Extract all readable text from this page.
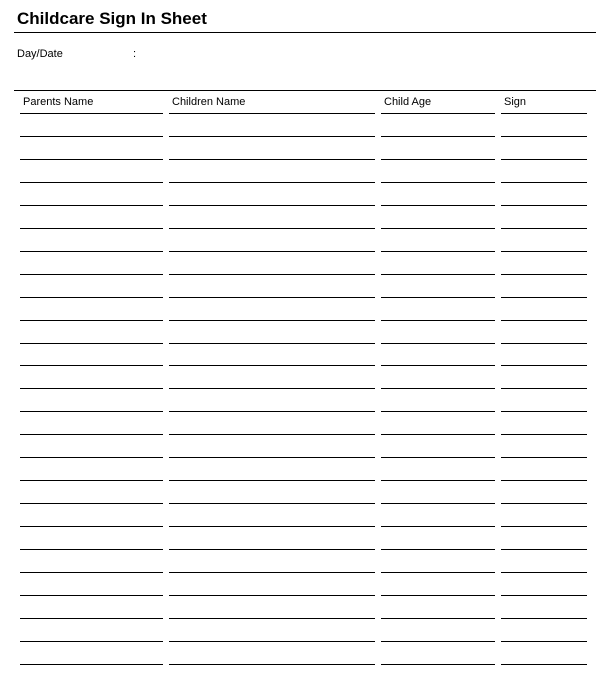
Childcare Sign In Sheet
Day/Date	:
Parents Name	Children Name	Child Age	Sign
